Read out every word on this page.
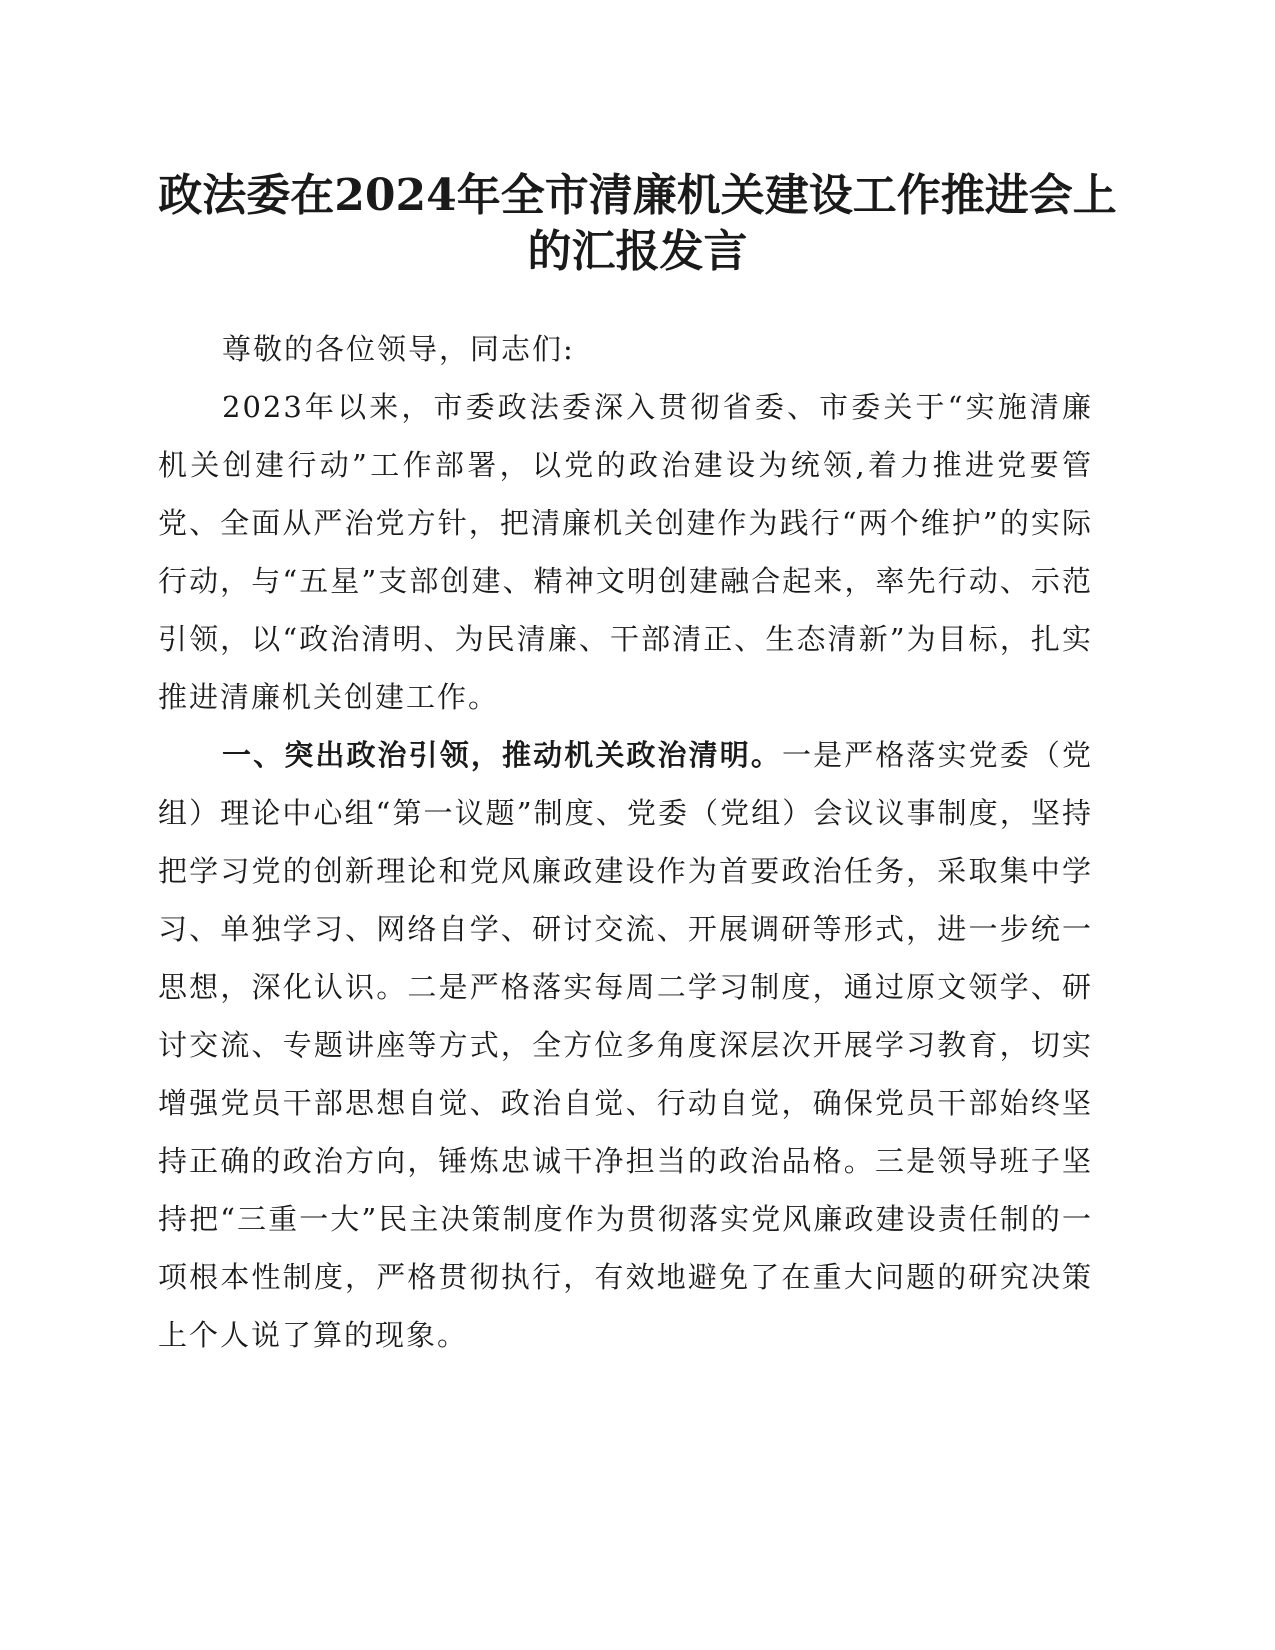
政法委在2024年全市清廉机关建设工作推进会上的汇报发言

尊敬的各位领导，同志们:

2023年以来，市委政法委深入贯彻省委、市委关于“实施清廉机关创建行动”工作部署，以党的政治建设为统领,着力推进党要管党、全面从严治党方针，把清廉机关创建作为践行“两个维护”的实际行动，与“五星”支部创建、精神文明创建融合起来，率先行动、示范引领，以“政治清明、为民清廉、干部清正、生态清新”为目标，扎实推进清廉机关创建工作。

一、突出政治引领，推动机关政治清明。一是严格落实党委（党组）理论中心组“第一议题”制度、党委（党组）会议议事制度，坚持把学习党的创新理论和党风廉政建设作为首要政治任务，采取集中学习、单独学习、网络自学、研讨交流、开展调研等形式，进一步统一思想，深化认识。二是严格落实每周二学习制度，通过原文领学、研讨交流、专题讲座等方式，全方位多角度深层次开展学习教育，切实增强党员干部思想自觉、政治自觉、行动自觉，确保党员干部始终坚持正确的政治方向，锤炼忠诚干净担当的政治品格。三是领导班子坚持把“三重一大”民主决策制度作为贯彻落实党风廉政建设责任制的一项根本性制度，严格贯彻执行，有效地避免了在重大问题的研究决策上个人说了算的现象。
